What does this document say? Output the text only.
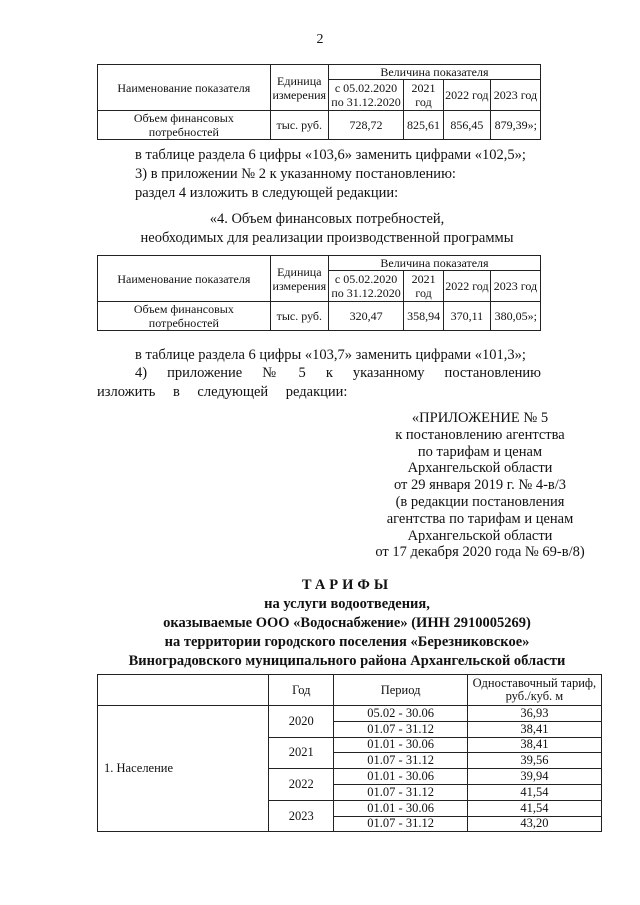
2
Наименование показателя	Единица измерения	Величина показателя			
		с 05.02.2020 по 31.12.2020	2021 год	2022 год	2023 год
Объем финансовых потребностей	тыс. руб.	728,72	825,61	856,45	879,39»;
в таблице раздела 6 цифры «103,6» заменить цифрами «102,5»;
3) в приложении № 2 к указанному постановлению:
раздел 4 изложить в следующей редакции:
«4. Объем финансовых потребностей,
необходимых для реализации производственной программы
Наименование показателя	Единица измерения	Величина показателя			
		с 05.02.2020 по 31.12.2020	2021 год	2022 год	2023 год
Объем финансовых потребностей	тыс. руб.	320,47	358,94	370,11	380,05»;
в таблице раздела 6 цифры «103,7» заменить цифрами «101,3»;
4) приложение № 5 к указанному постановлению изложить в следующей редакции:
«ПРИЛОЖЕНИЕ № 5
к постановлению агентства
по тарифам и ценам
Архангельской области
от 29 января 2019 г. № 4-в/3
(в редакции постановления
агентства по тарифам и ценам
Архангельской области
от 17 декабря 2020 года № 69-в/8)
ТАРИФЫ
на услуги водоотведения,
оказываемые ООО «Водоснабжение» (ИНН 2910005269)
на территории городского поселения «Березниковское»
Виноградовского муниципального района Архангельской области
	Год	Период	Одноставочный тариф, руб./куб. м
1. Население	2020	05.02 - 30.06	36,93
		01.07 - 31.12	38,41
	2021	01.01 - 30.06	38,41
		01.07 - 31.12	39,56
	2022	01.01 - 30.06	39,94
		01.07 - 31.12	41,54
	2023	01.01 - 30.06	41,54
		01.07 - 31.12	43,20
